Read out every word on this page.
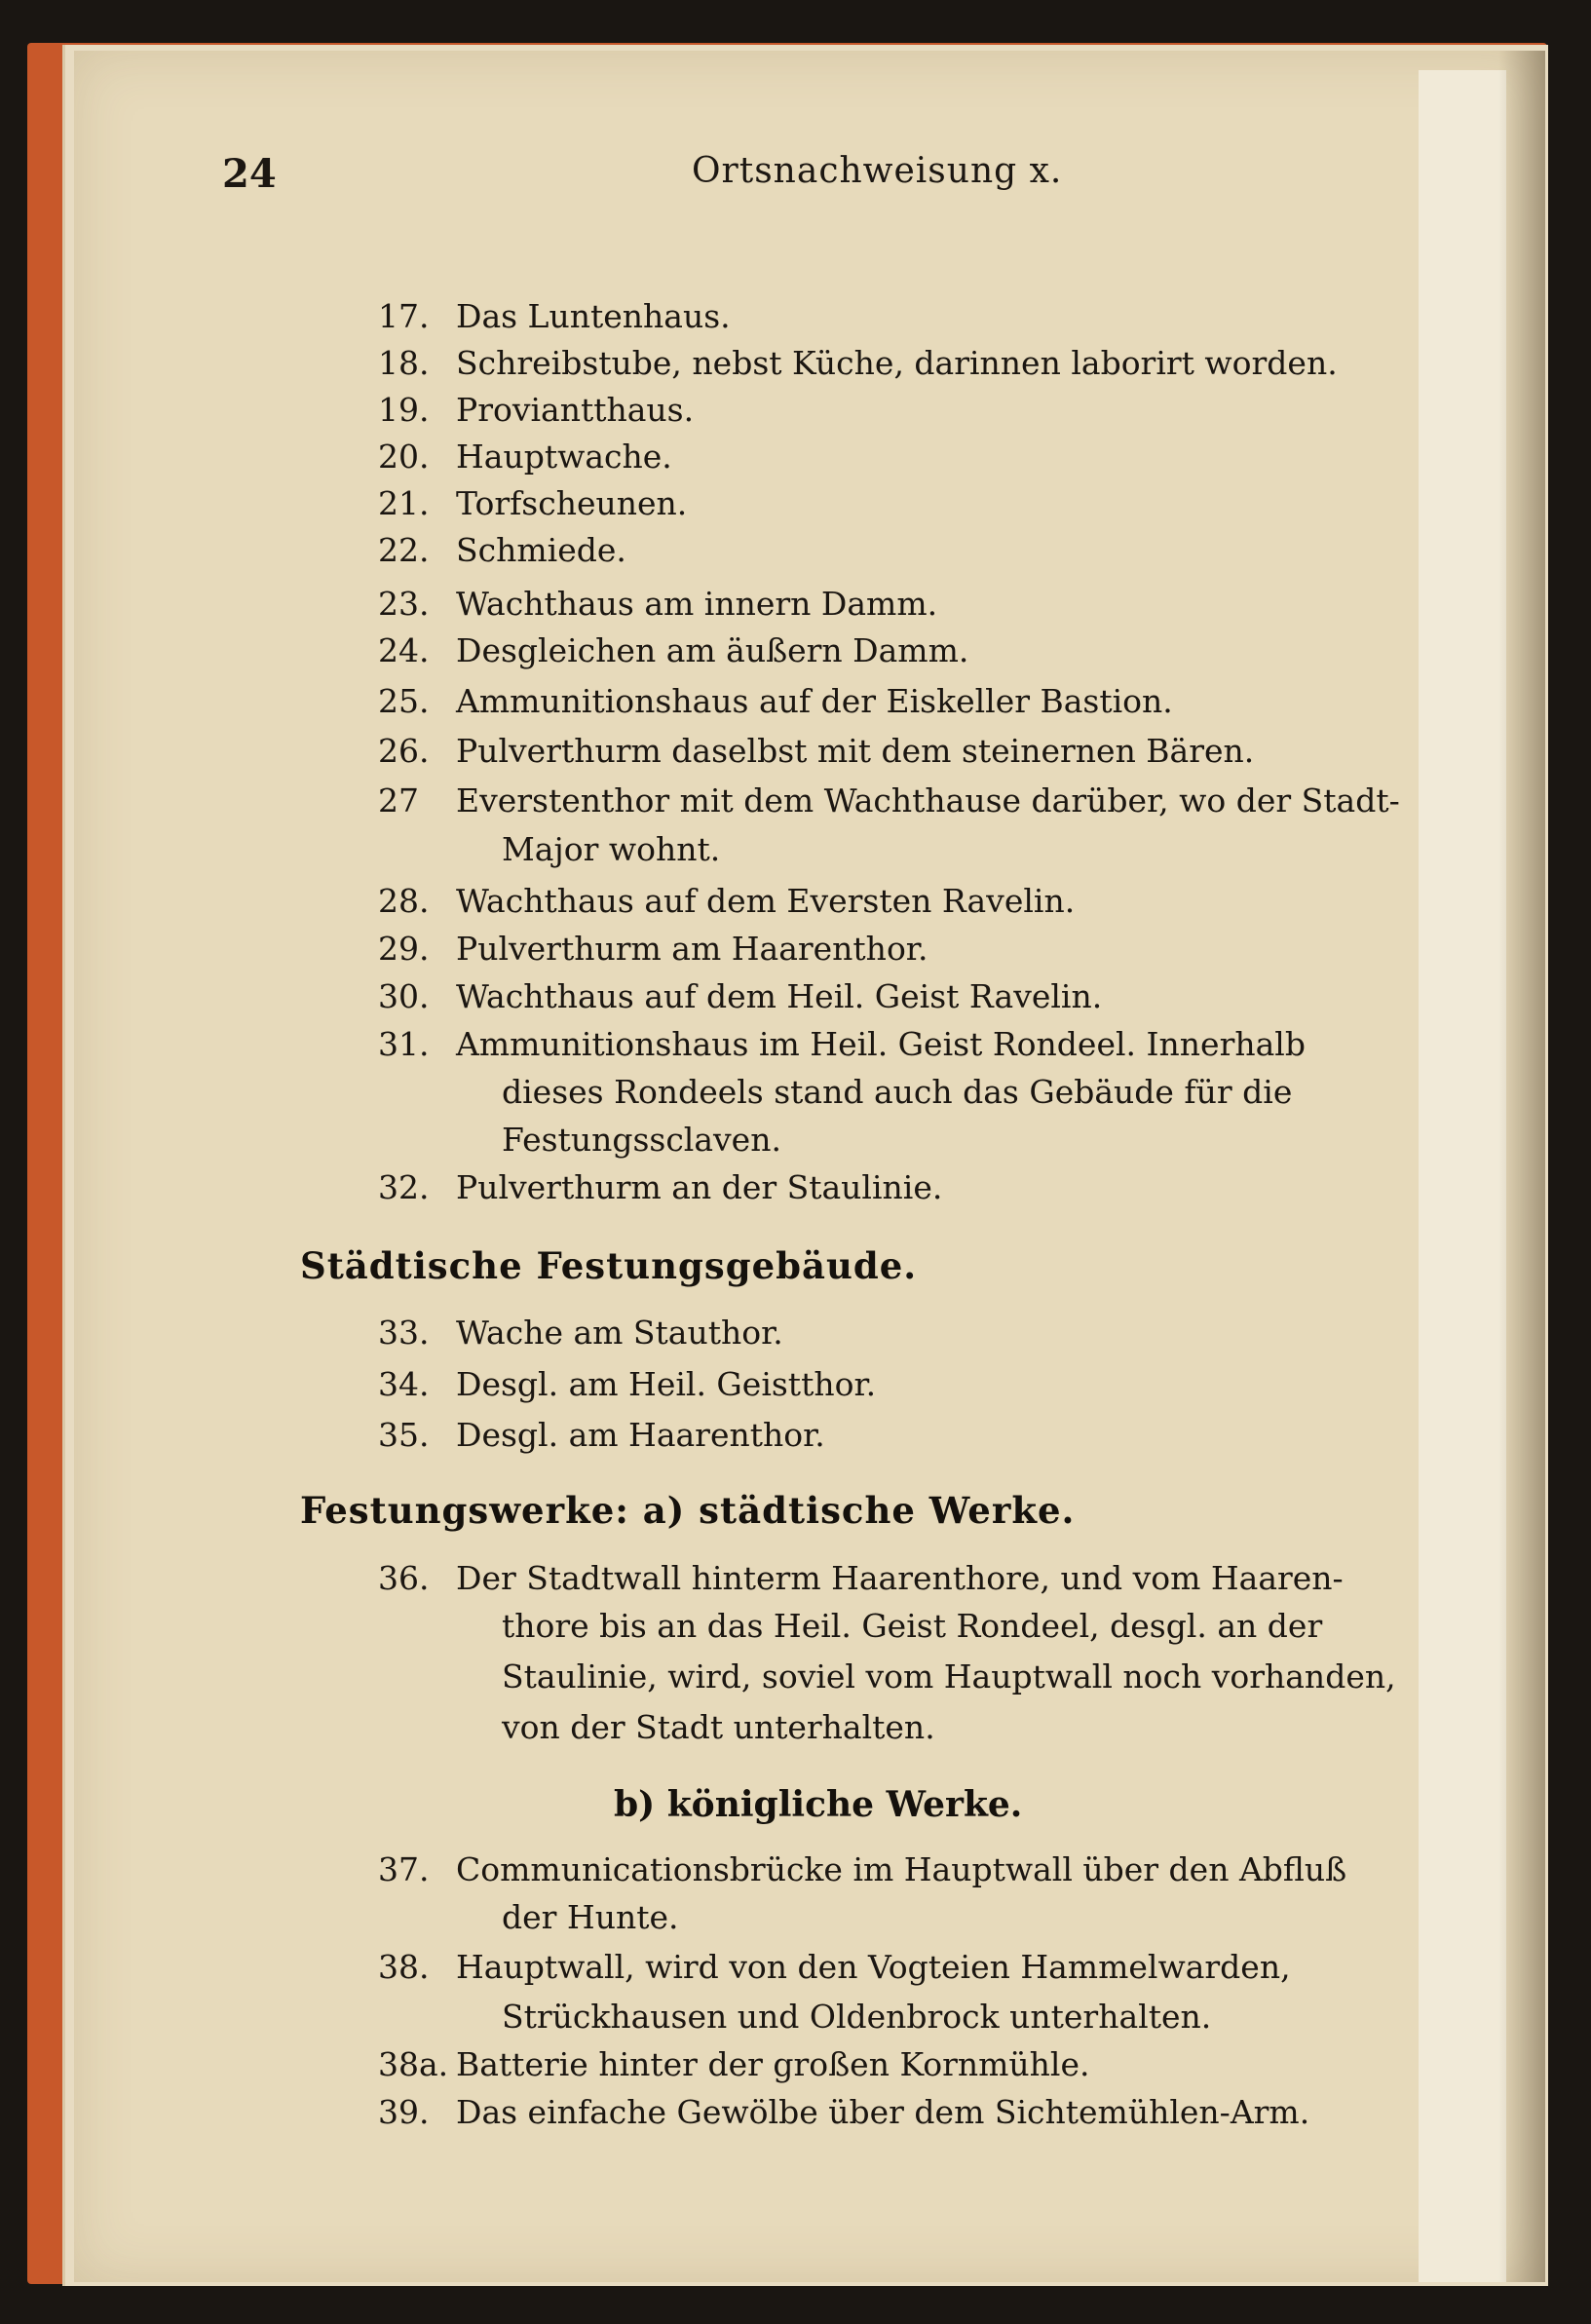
24	Ortsnachweisung x.
17. Das Luntenhaus.
18. Schreibstube, nebst Küche, darinnen laborirt worden.
19. Proviantthaus.
20. Hauptwache.
21. Torfscheunen.
22. Schmiede.
23. Wachthaus am innern Damm.
24. Desgleichen am äußern Damm.
25. Ammunitionshaus auf der Eiskeller Bastion.
26. Pulverthurm daselbst mit dem steinernen Bären.
27	Everstenthor mit dem Wachthause darüber, wo der Stadt-
Major wohnt.
28. Wachthaus auf dem Eversten Ravelin.
29. Pulverthurm am Haarenthor.
30. Wachthaus auf dem Heil. Geist Ravelin.
31. Ammunitionshaus im Heil. Geist Rondeel. Innerhalb
dieses Rondeels stand auch das Gebäude für die
Festungssclaven.
32. Pulverthurm an der Staulinie.
Städtische Festungsgebäude.
33. Wache am Stauthor.
34. Desgl. am Heil. Geistthor.
35. Desgl. am Haarenthor.
Festungswerke: a) städtische Werke.
36. Der Stadtwall hinterm Haarenthore, und vom Haaren-
thore bis an das Heil. Geist Rondeel, desgl. an der
Staulinie, wird, soviel vom Hauptwall noch vorhanden,
von der Stadt unterhalten.
b) königliche Werke.
37. Communicationsbrücke im Hauptwall über den Abfluß
der Hunte.
38. Hauptwall, wird von den Vogteien Hammelwarden,
Strückhausen und Oldenbrock unterhalten.
38a. Batterie hinter der großen Kornmühle.
39. Das einfache Gewölbe über dem Sichtemühlen-Arm.
